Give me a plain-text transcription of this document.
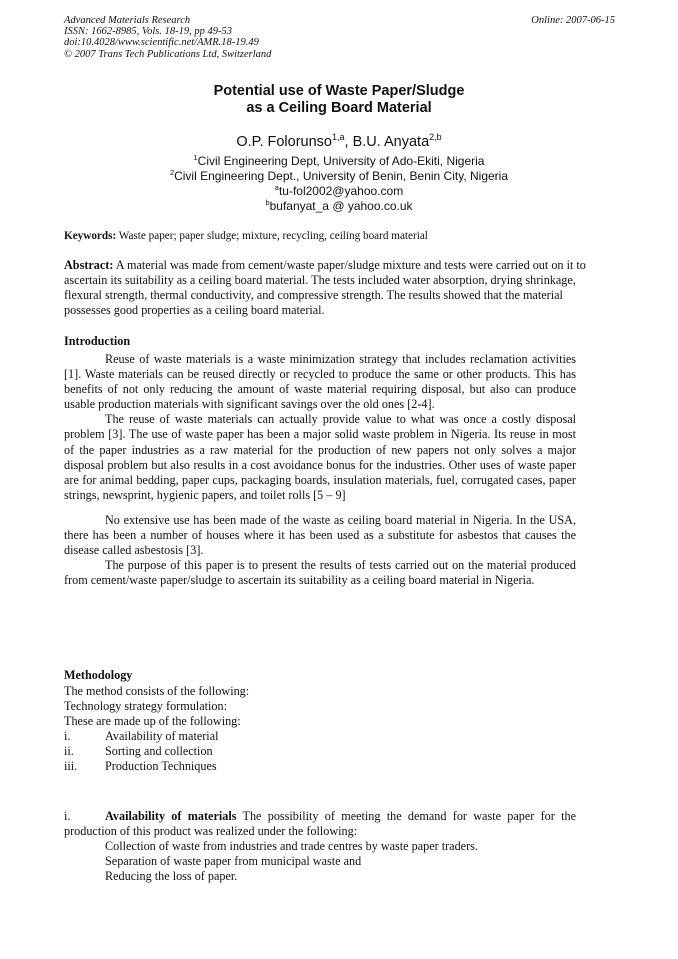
Advanced Materials Research
ISSN: 1662-8985, Vols. 18-19, pp 49-53
doi:10.4028/www.scientific.net/AMR.18-19.49
© 2007 Trans Tech Publications Ltd, Switzerland
Online: 2007-06-15
Potential use of Waste Paper/Sludge
as a Ceiling Board Material
O.P. Folorunso$^{1,a}$, B.U. Anyata$^{2,b}$
$^1$Civil Engineering Dept, University of Ado-Ekiti, Nigeria
$^2$Civil Engineering Dept., University of Benin, Benin City, Nigeria
$^a$tu-fol2002@yahoo.com
$^b$bufanyat_a @ yahoo.co.uk
Keywords: Waste paper; paper sludge; mixture, recycling, ceiling board material
Abstract: A material was made from cement/waste paper/sludge mixture and tests were carried out on it to ascertain its suitability as a ceiling board material. The tests included water absorption, drying shrinkage, flexural strength, thermal conductivity, and compressive strength. The results showed that the material possesses good properties as a ceiling board material.
Introduction

Reuse of waste materials is a waste minimization strategy that includes reclamation activities [1]. Waste materials can be reused directly or recycled to produce the same or other products. This has benefits of not only reducing the amount of waste material requiring disposal, but also can produce usable production materials with significant savings over the old ones [2-4].

The reuse of waste materials can actually provide value to what was once a costly disposal problem [3]. The use of waste paper has been a major solid waste problem in Nigeria. Its reuse in most of the paper industries as a raw material for the production of new papers not only solves a major disposal problem but also results in a cost avoidance bonus for the industries. Other uses of waste paper are for animal bedding, paper cups, packaging boards, insulation materials, fuel, corrugated cases, paper strings, newsprint, hygienic papers, and toilet rolls [5 – 9]

No extensive use has been made of the waste as ceiling board material in Nigeria. In the USA, there has been a number of houses where it has been used as a substitute for asbestos that causes the disease called asbestosis [3].

The purpose of this paper is to present the results of tests carried out on the material produced from cement/waste paper/sludge to ascertain its suitability as a ceiling board material in Nigeria.

Methodology
The method consists of the following:
Technology strategy formulation:
These are made up of the following:
i.	Availability of material
ii.	Sorting and collection
iii. Production Techniques

i.	Availability of materials The possibility of meeting the demand for waste paper for the production of this product was realized under the following:

Collection of waste from industries and trade centres by waste paper traders.
Separation of waste paper from municipal waste and
Reducing the loss of paper.
